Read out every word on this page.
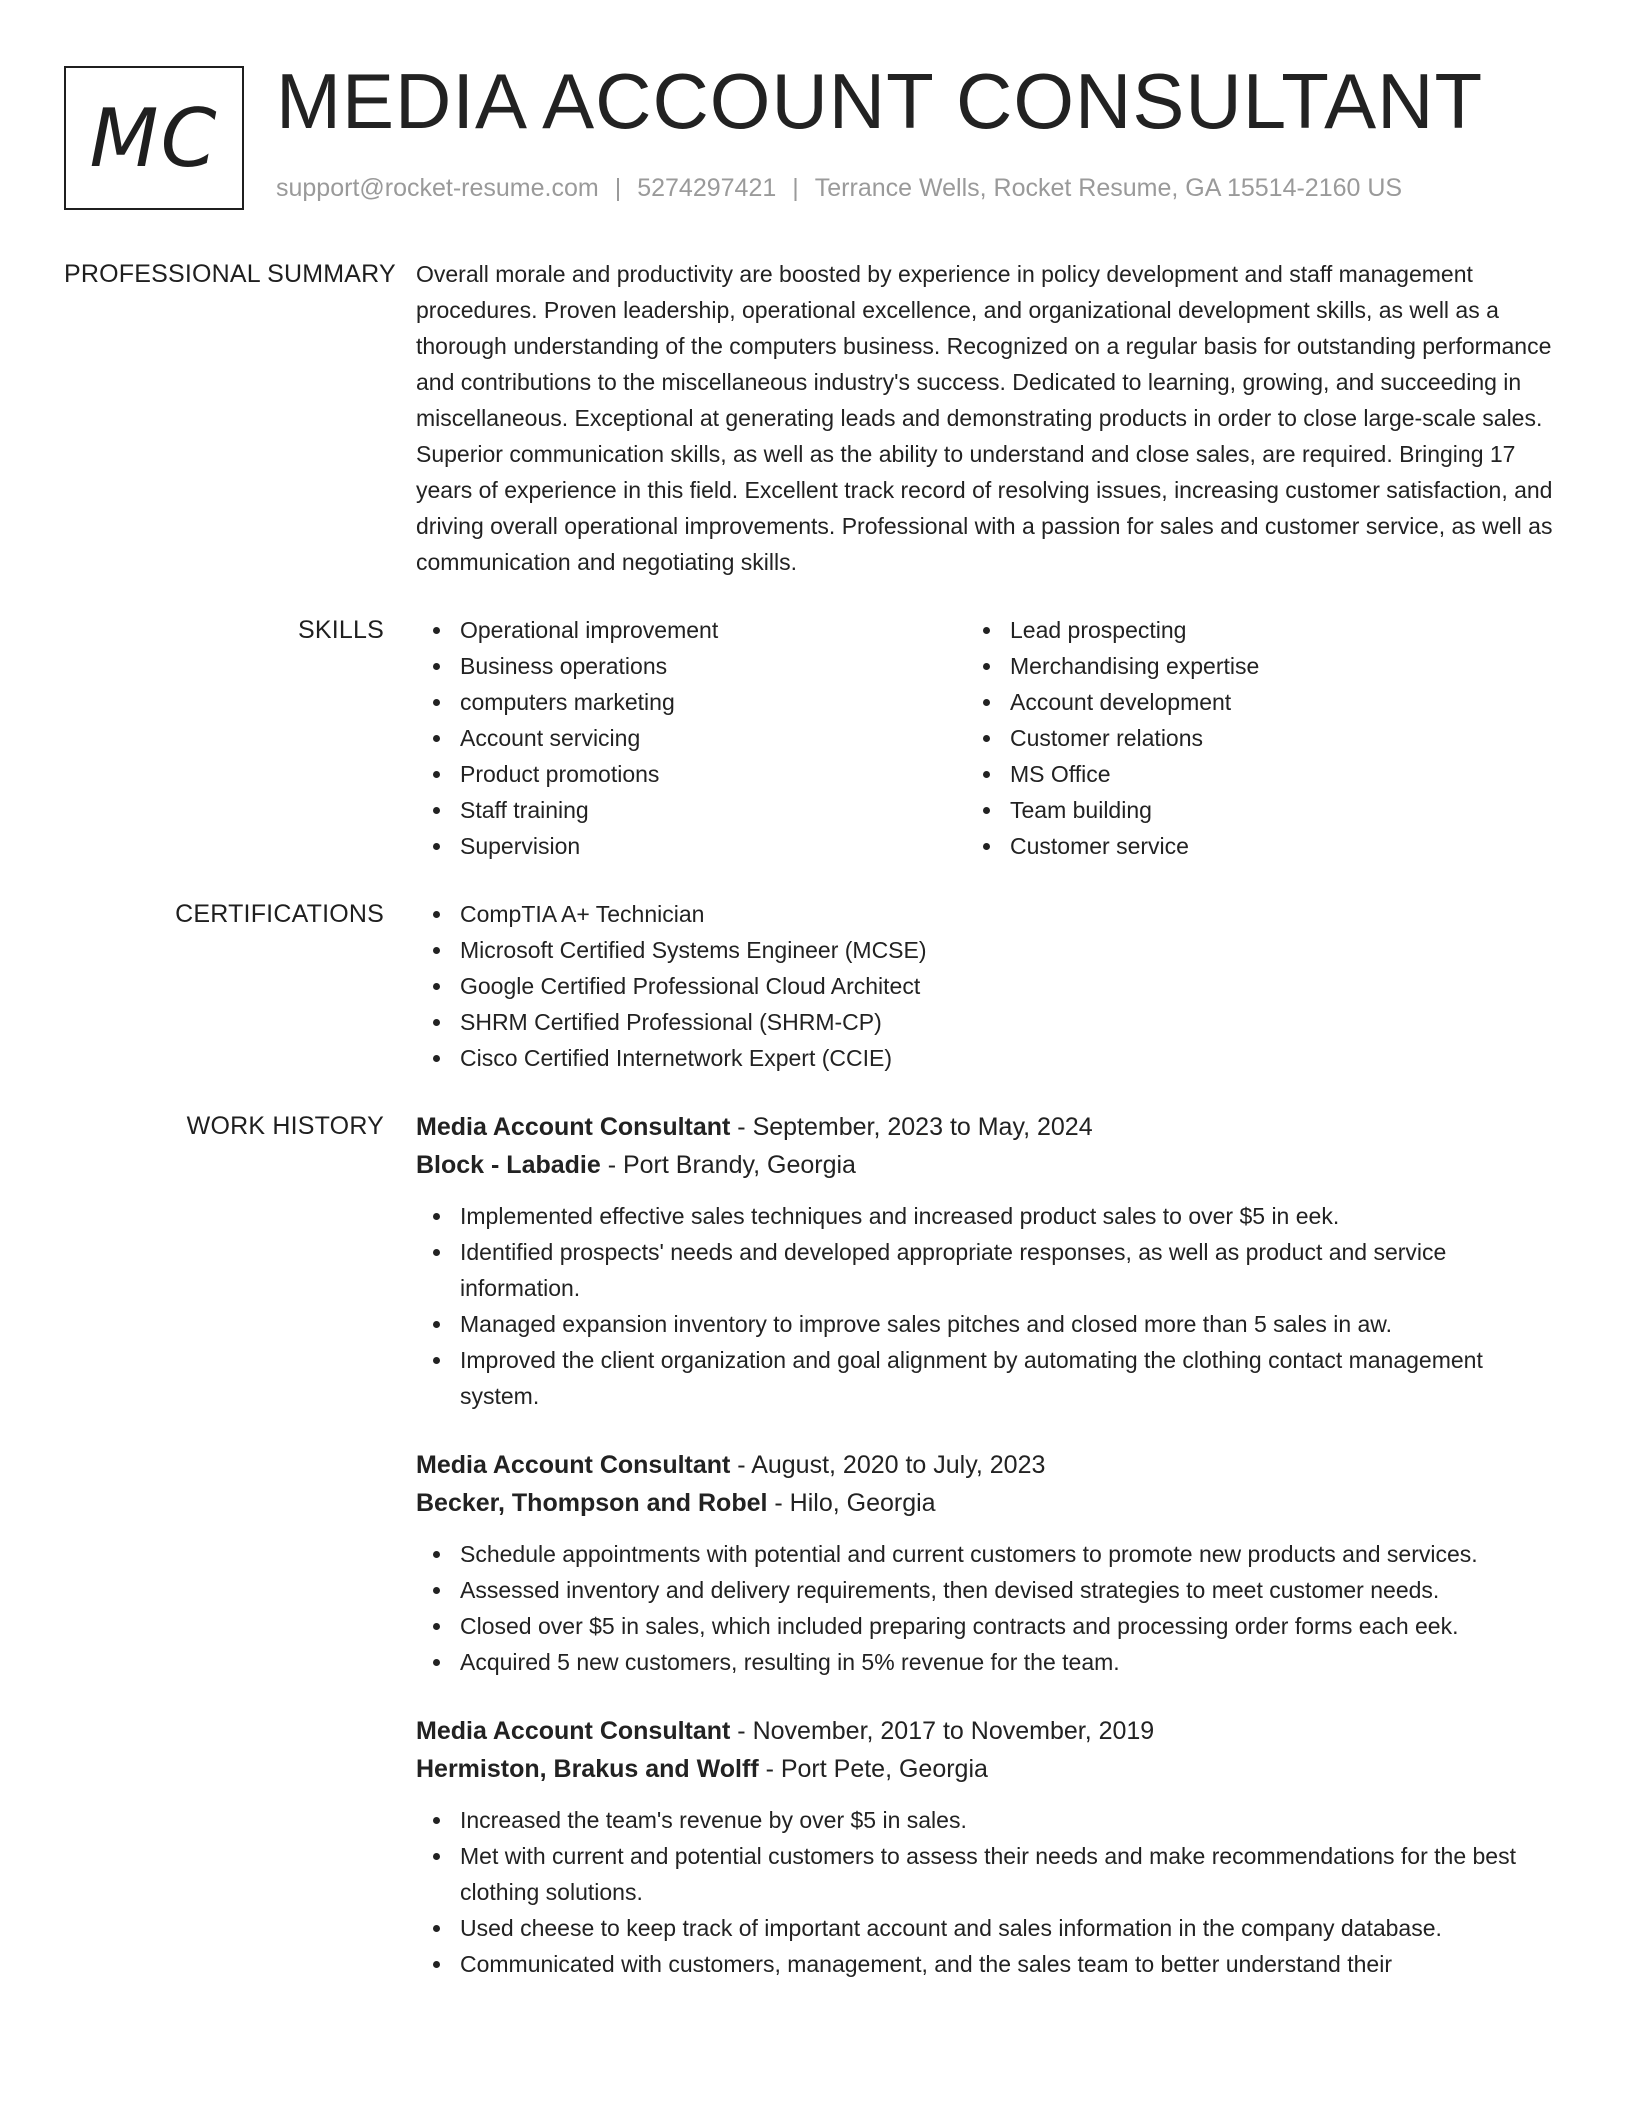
MC MEDIA ACCOUNT CONSULTANT
support@rocket-resume.com | 5274297421 | Terrance Wells, Rocket Resume, GA 15514-2160 US
PROFESSIONAL SUMMARY Overall morale and productivity are boosted by experience in policy development and staff management procedures. Proven leadership, operational excellence, and organizational development skills, as well as a thorough understanding of the computers business. Recognized on a regular basis for outstanding performance and contributions to the miscellaneous industry's success. Dedicated to learning, growing, and succeeding in miscellaneous. Exceptional at generating leads and demonstrating products in order to close large-scale sales. Superior communication skills, as well as the ability to understand and close sales, are required. Bringing 17 years of experience in this field. Excellent track record of resolving issues, increasing customer satisfaction, and driving overall operational improvements. Professional with a passion for sales and customer service, as well as communication and negotiating skills.

SKILLS	Operational improvement
Business operations
computers marketing
Account servicing
Product promotions
Staff training
Supervision
Lead prospecting
Merchandising expertise
Account development
Customer relations
MS Office
Team building
Customer service
CERTIFICATIONS	CompTIA A+ Technician
Microsoft Certified Systems Engineer (MCSE)
Google Certified Professional Cloud Architect
SHRM Certified Professional (SHRM-CP)
Cisco Certified Internetwork Expert (CCIE)
WORK HISTORY	Media Account Consultant - September, 2023 to May, 2024
Block - Labadie - Port Brandy, Georgia
Implemented effective sales techniques and increased product sales to over $5 in eek.
Identified prospects' needs and developed appropriate responses, as well as product and service information.
Managed expansion inventory to improve sales pitches and closed more than 5 sales in aw.
Improved the client organization and goal alignment by automating the clothing contact management system.
Media Account Consultant - August, 2020 to July, 2023
Becker, Thompson and Robel - Hilo, Georgia
Schedule appointments with potential and current customers to promote new products and services.
Assessed inventory and delivery requirements, then devised strategies to meet customer needs.
Closed over $5 in sales, which included preparing contracts and processing order forms each eek.
Acquired 5 new customers, resulting in 5% revenue for the team.
Media Account Consultant - November, 2017 to November, 2019
Hermiston, Brakus and Wolff - Port Pete, Georgia
Increased the team's revenue by over $5 in sales.
Met with current and potential customers to assess their needs and make recommendations for the best clothing solutions.
Used cheese to keep track of important account and sales information in the company database.
Communicated with customers, management, and the sales team to better understand their
